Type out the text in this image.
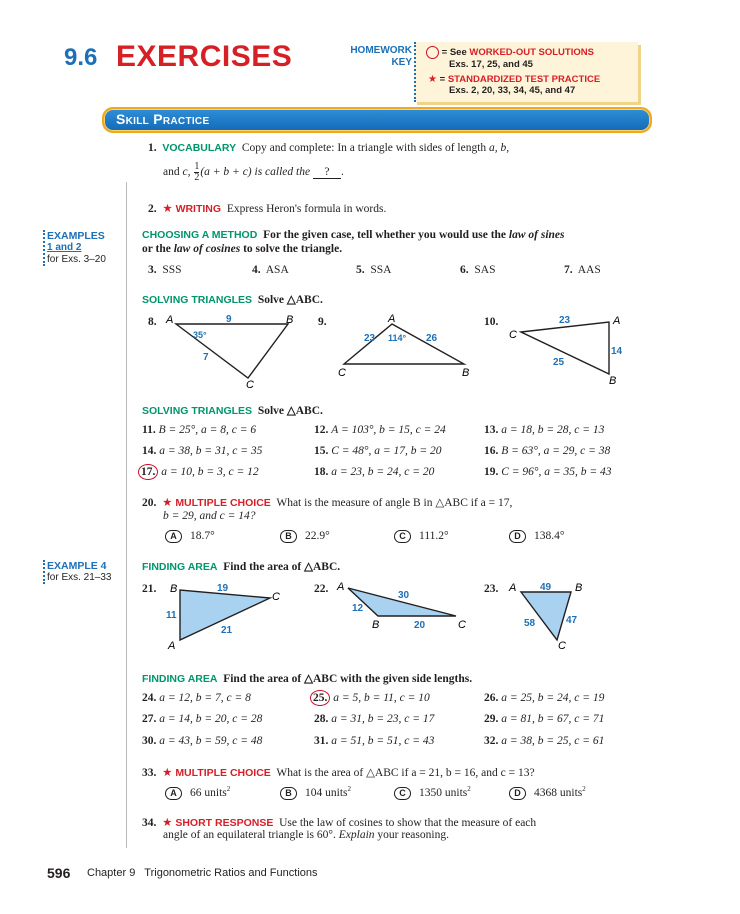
9.6 EXERCISES	HOMEWORK
KEY
= See WORKED-OUT SOLUTIONS
Exs. 17, 25, and 45
★ = STANDARDIZED TEST PRACTICE
Exs. 2, 20, 33, 34, 45, and 47
Skill Practice
EXAMPLES
1 and 2
for Exs. 3–20
EXAMPLE 4
for Exs. 21–33
1. VOCABULARY Copy and complete: In a triangle with sides of length a, b,
and c, $\frac{1}{2} (a + b + c)$ is called the ? .
2. ★ WRITING Express Heron's formula in words.
CHOOSING A METHOD For the given case, tell whether you would use the law of sines
or the law of cosines to solve the triangle.
3. SSS	4. ASA	5. SSA	6. SAS	7. AAS
SOLVING TRIANGLES Solve △ABC.
8. A	B
C
9
35°
7
9.	A
C	B
23 114° 26
10.	A
B
C
23
14
25
SOLVING TRIANGLES Solve △ABC.
11. B = 25°, a = 8, c = 6	12. A = 103°, b = 15, c = 24	13. a = 18, b = 28, c = 13
14. a = 38, b = 31, c = 35	15. C = 48°, a = 17, b = 20	16. B = 63°, a = 29, c = 38
17. a = 10, b = 3, c = 12	18. a = 23, b = 24, c = 20	19. C = 96°, a = 35, b = 43
20. ★ MULTIPLE CHOICE What is the measure of angle B in △ABC if a = 17,
b = 29, and c = 14?
A 18.7°	B 22.9°	C 111.2°	D 138.4°
FINDING AREA Find the area of △ABC.
21. B
A
C
19
11
21
22. A
B	C
30
12
20
23. A	B
C
49
58	47
FINDING AREA Find the area of △ABC with the given side lengths.
24. a = 12, b = 7, c = 8	25. a = 5, b = 11, c = 10	26. a = 25, b = 24, c = 19
27. a = 14, b = 20, c = 28	28. a = 31, b = 23, c = 17	29. a = 81, b = 67, c = 71
30. a = 43, b = 59, c = 48	31. a = 51, b = 51, c = 43	32. a = 38, b = 25, c = 61
33. ★ MULTIPLE CHOICE What is the area of △ABC if a = 21, b = 16, and c = 13?
A 66 units$^2$	B 104 units$^2$	C 1350 units$^2$	D 4368 units$^2$
34. ★ SHORT RESPONSE Use the law of cosines to show that the measure of each
angle of an equilateral triangle is 60°. Explain your reasoning.
596 Chapter 9   Trigonometric Ratios and Functions
